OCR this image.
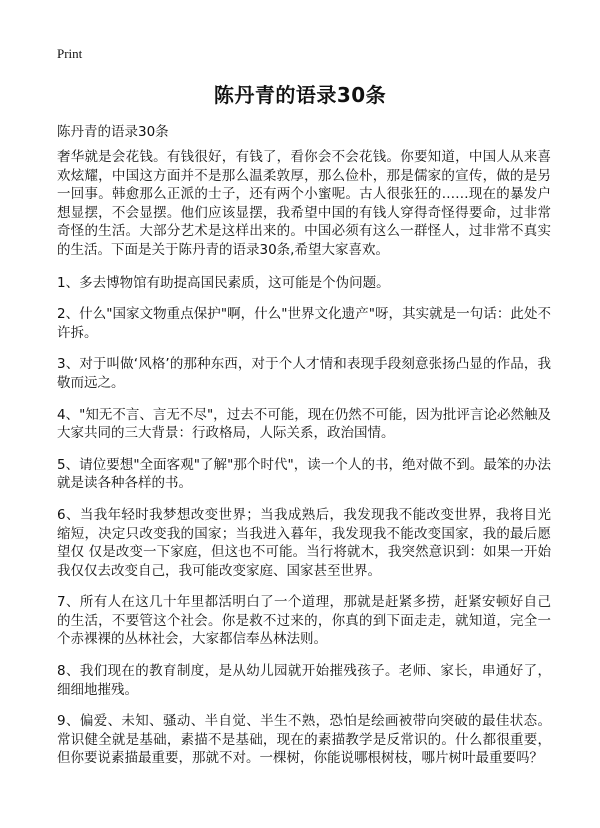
Print
陈丹青的语录30条

陈丹青的语录30条

奢华就是会花钱。有钱很好，有钱了，看你会不会花钱。你要知道，中国人从来喜欢炫耀，中国这方面并不是那么温柔敦厚，那么俭朴，那是儒家的宣传，做的是另一回事。韩愈那么正派的士子，还有两个小蜜呢。古人很张狂的……现在的暴发户想显摆，不会显摆。他们应该显摆，我希望中国的有钱人穿得奇怪得要命，过非常奇怪的生活。大部分艺术是这样出来的。中国必须有这么一群怪人，过非常不真实的生活。下面是关于陈丹青的语录30条,希望大家喜欢。

1、多去博物馆有助提高国民素质，这可能是个伪问题。

2、什么"国家文物重点保护"啊，什么"世界文化遗产"呀，其实就是一句话：此处不许拆。

3、对于叫做‘风格’的那种东西，对于个人才情和表现手段刻意张扬凸显的作品，我敬而远之。

4、"知无不言、言无不尽"，过去不可能，现在仍然不可能，因为批评言论必然触及大家共同的三大背景：行政格局，人际关系，政治国情。

5、请位要想"全面客观"了解"那个时代"，读一个人的书，绝对做不到。最笨的办法就是读各种各样的书。

6、当我年轻时我梦想改变世界；当我成熟后，我发现我不能改变世界，我将目光缩短，决定只改变我的国家；当我进入暮年，我发现我不能改变国家，我的最后愿望仅 仅是改变一下家庭，但这也不可能。当行将就木，我突然意识到：如果一开始我仅仅去改变自己，我可能改变家庭、国家甚至世界。

7、所有人在这几十年里都活明白了一个道理，那就是赶紧多捞，赶紧安顿好自己的生活，不要管这个社会。你是救不过来的，你真的到下面走走，就知道，完全一个赤裸裸的丛林社会，大家都信奉丛林法则。

8、我们现在的教育制度，是从幼儿园就开始摧残孩子。老师、家长，串通好了，细细地摧残。

9、偏爱、未知、骚动、半自觉、半生不熟，恐怕是绘画被带向突破的最佳状态。 常识健全就是基础，素描不是基础，现在的素描教学是反常识的。什么都很重要，但你要说素描最重要，那就不对。一棵树，你能说哪根树枝，哪片树叶最重要吗？
